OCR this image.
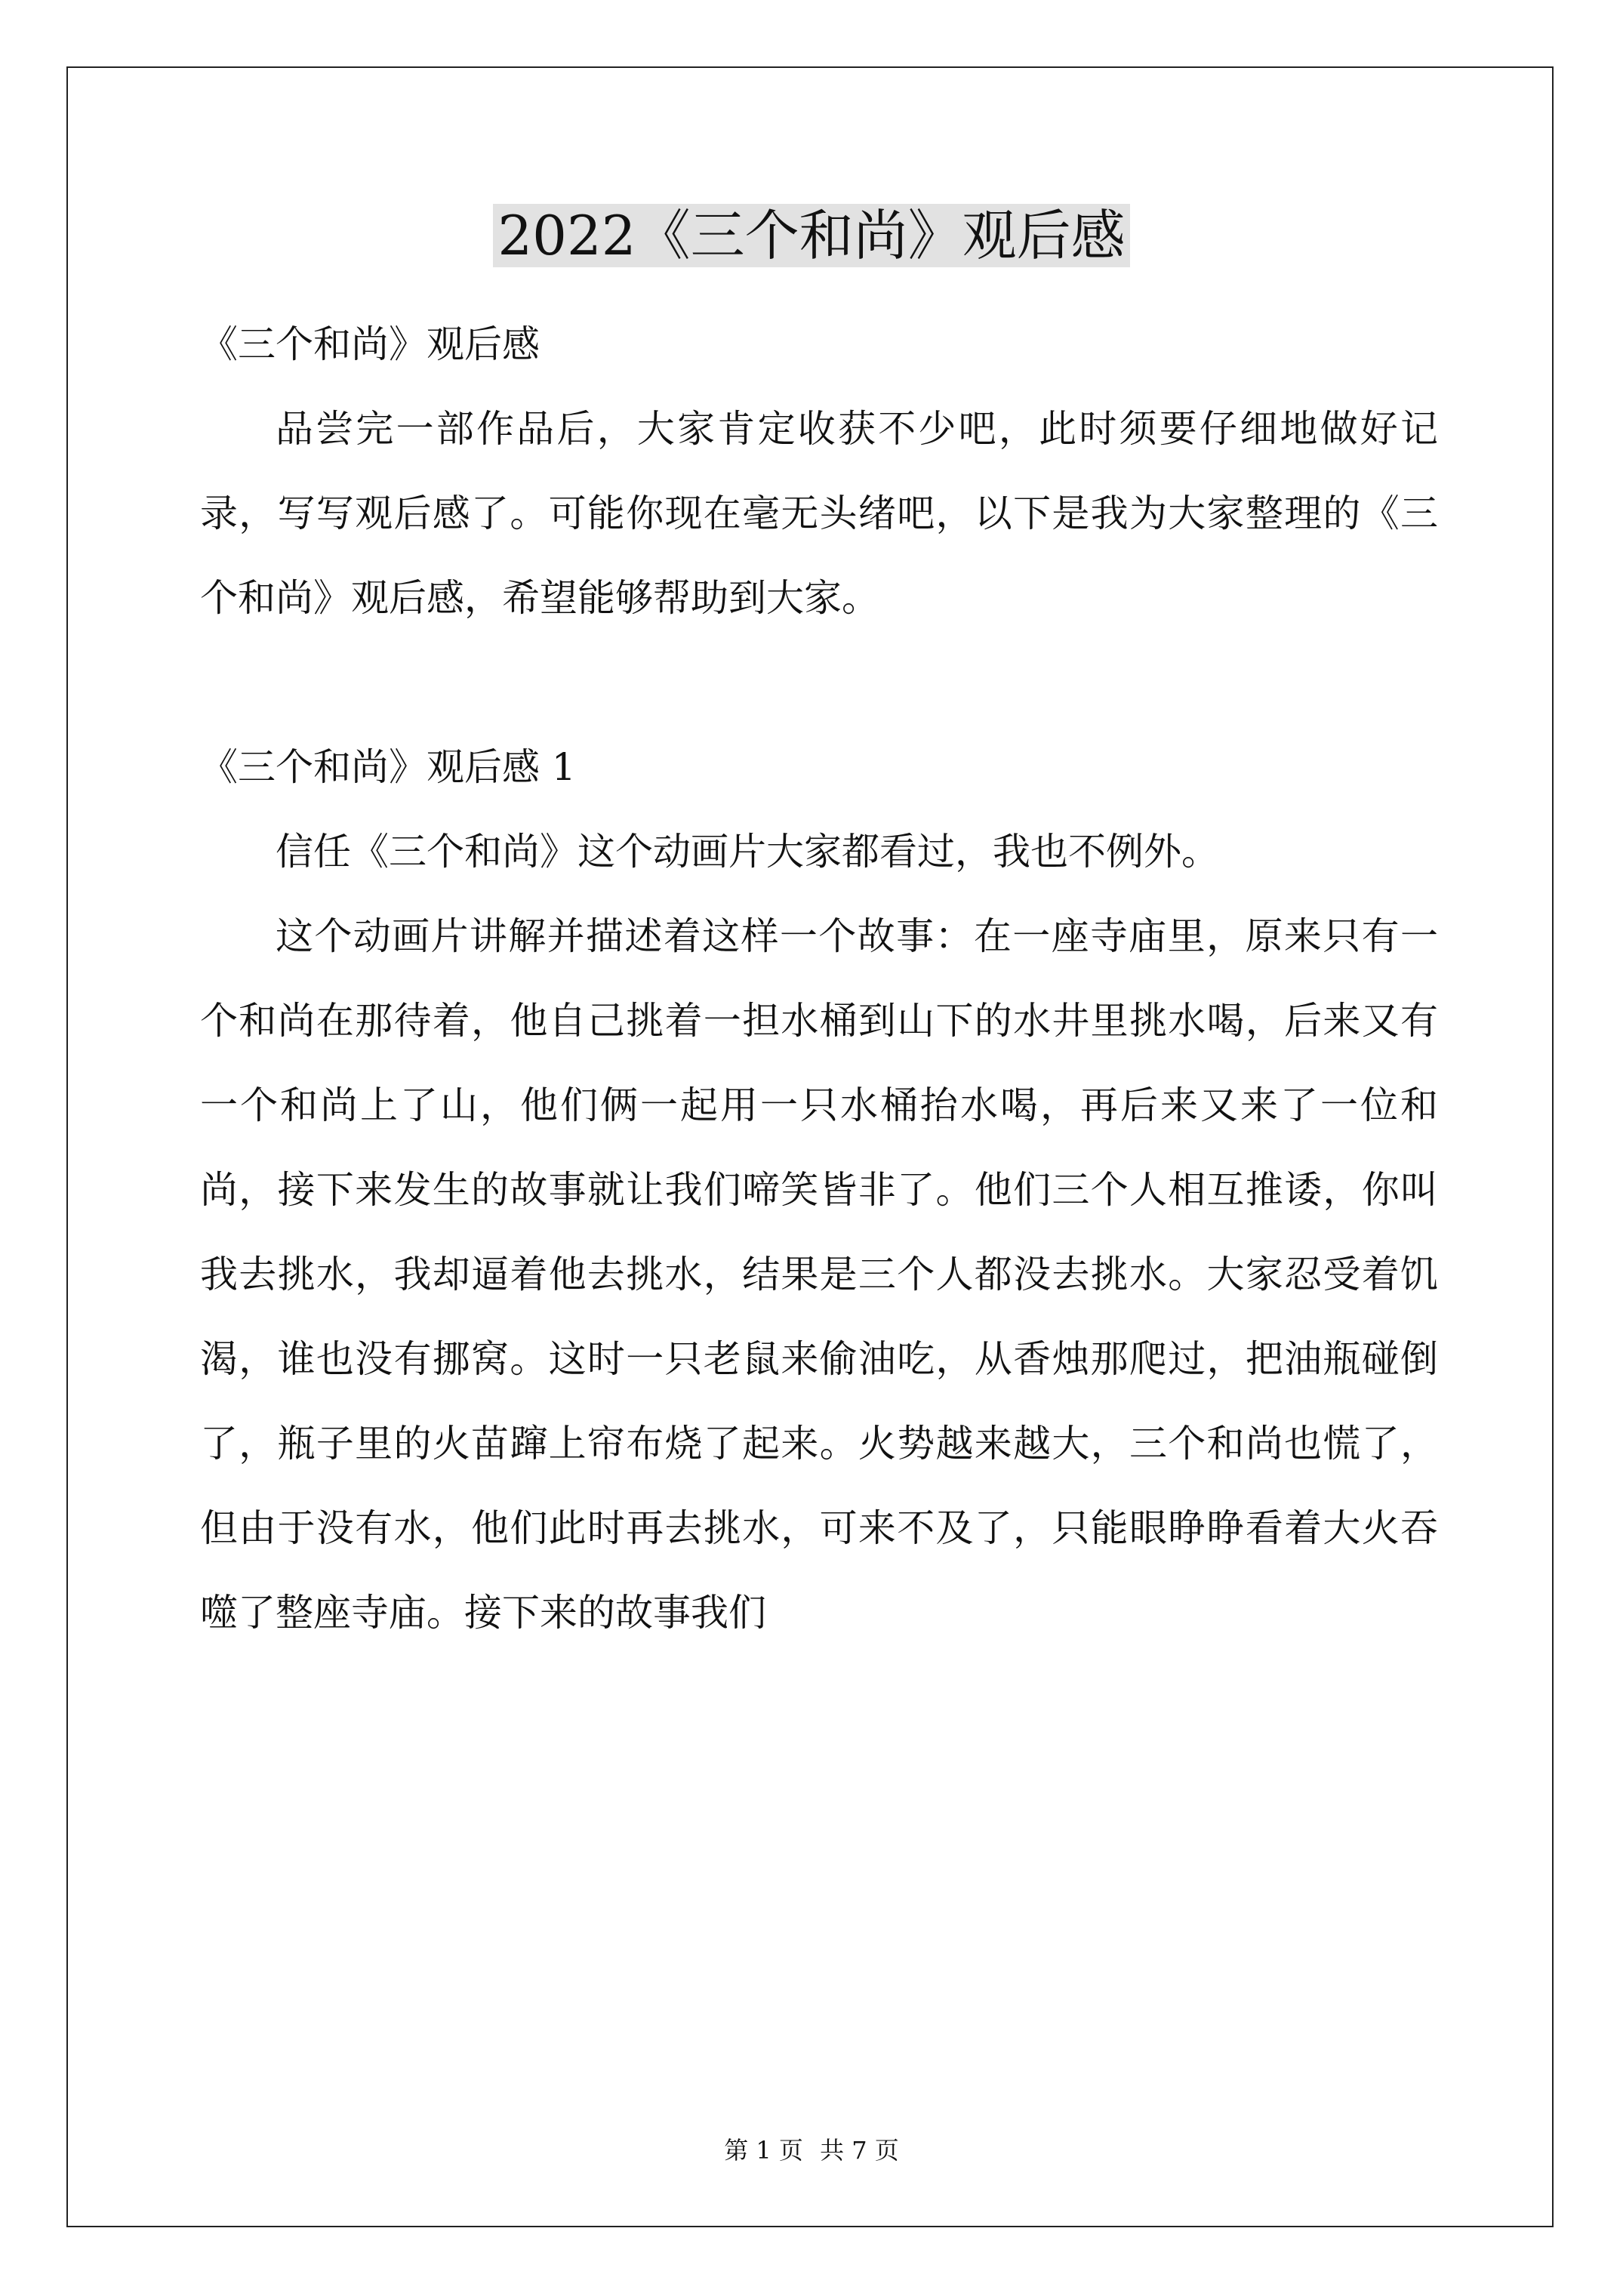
2022《三个和尚》观后感

《三个和尚》观后感

品尝完一部作品后，大家肯定收获不少吧，此时须要仔细地做好记录，写写观后感了。可能你现在毫无头绪吧，以下是我为大家整理的《三个和尚》观后感，希望能够帮助到大家。

《三个和尚》观后感 1

信任《三个和尚》这个动画片大家都看过，我也不例外。

这个动画片讲解并描述着这样一个故事：在一座寺庙里，原来只有一个和尚在那待着，他自己挑着一担水桶到山下的水井里挑水喝，后来又有一个和尚上了山，他们俩一起用一只水桶抬水喝，再后来又来了一位和尚，接下来发生的故事就让我们啼笑皆非了。他们三个人相互推诿，你叫我去挑水，我却逼着他去挑水，结果是三个人都没去挑水。大家忍受着饥渴，谁也没有挪窝。这时一只老鼠来偷油吃，从香烛那爬过，把油瓶碰倒了，瓶子里的火苗蹿上帘布烧了起来。火势越来越大，三个和尚也慌了，但由于没有水，他们此时再去挑水，可来不及了，只能眼睁睁看着大火吞噬了整座寺庙。接下来的故事我们

第 1 页 共 7 页
